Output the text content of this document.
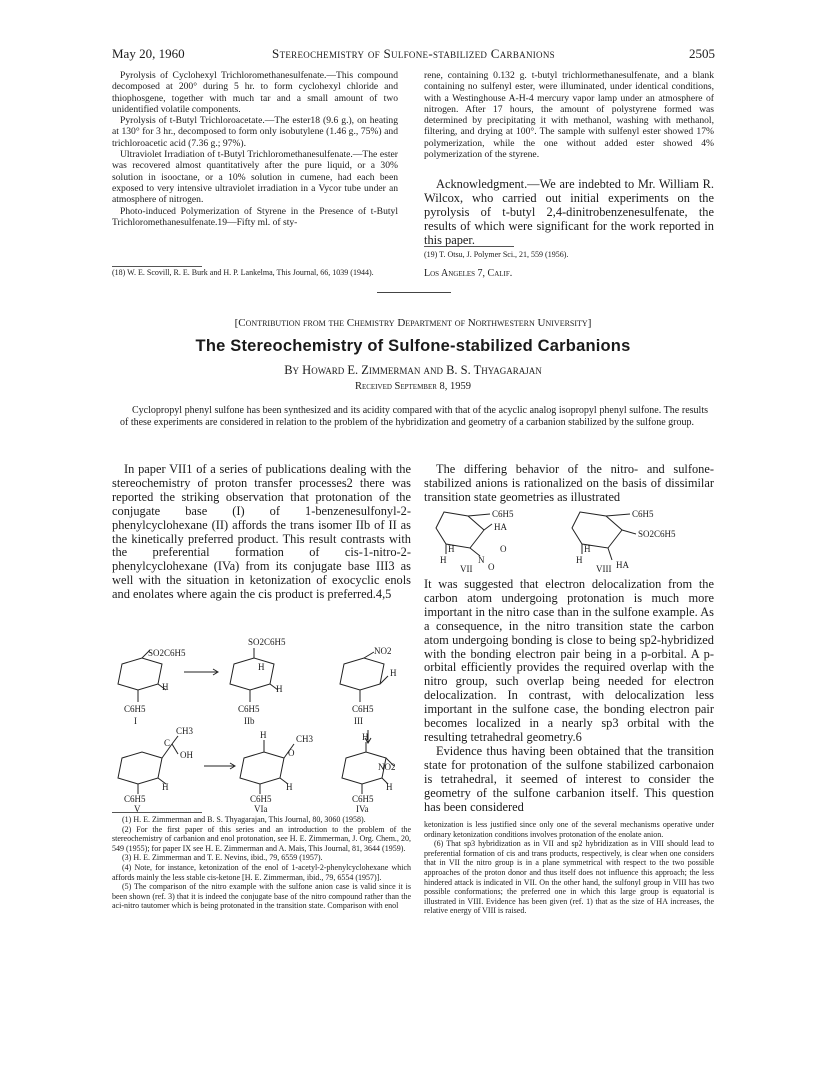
May 20, 1960	Stereochemistry of Sulfone-stabilized Carbanions	2505

Pyrolysis of Cyclohexyl Trichloromethanesulfenate.—This compound decomposed at 200° during 5 hr. to form cyclohexyl chloride and thiophosgene, together with much tar and a small amount of two unidentified volatile components.

Pyrolysis of t-Butyl Trichloroacetate.—The ester18 (9.6 g.), on heating at 130° for 3 hr., decomposed to form only isobutylene (1.46 g., 75%) and trichloroacetic acid (7.36 g.; 97%).

Ultraviolet Irradiation of t-Butyl Trichloromethanesulfenate.—The ester was recovered almost quantitatively after the pure liquid, or a 30% solution in isooctane, or a 10% solution in cumene, had each been exposed to very intensive ultraviolet irradiation in a Vycor tube under an atmosphere of nitrogen.

Photo-induced Polymerization of Styrene in the Presence of t-Butyl Trichloromethanesulfenate.19—Fifty ml. of sty-

(18) W. E. Scovill, R. E. Burk and H. P. Lankelma, This Journal, 66, 1039 (1944).

rene, containing 0.132 g. t-butyl trichlormethanesulfenate, and a blank containing no sulfenyl ester, were illuminated, under identical conditions, with a Westinghouse A-H-4 mercury vapor lamp under an atmosphere of nitrogen. After 17 hours, the amount of polystyrene formed was determined by precipitating it with methanol, washing with methanol, filtering, and drying at 100°. The sample with sulfenyl ester showed 17% polymerization, while the one without added ester showed 4% polymerization of the styrene.

Acknowledgment.—We are indebted to Mr. William R. Wilcox, who carried out initial experiments on the pyrolysis of t-butyl 2,4-dinitrobenzenesulfenate, the results of which were significant for the work reported in this paper.

(19) T. Otsu, J. Polymer Sci., 21, 559 (1956).
Los Angeles 7, Calif.
[Contribution from the Chemistry Department of Northwestern University]
The Stereochemistry of Sulfone-stabilized Carbanions
By Howard E. Zimmerman and B. S. Thyagarajan
Received September 8, 1959
Cyclopropyl phenyl sulfone has been synthesized and its acidity compared with that of the acyclic analog isopropyl phenyl sulfone. The results of these experiments are considered in relation to the problem of the hybridization and geometry of a carbanion stabilized by the sulfone group.

In paper VII1 of a series of publications dealing with the stereochemistry of proton transfer processes2 there was reported the striking observation that protonation of the conjugate base (I) of 1-benzenesulfonyl-2-phenylcyclohexane (II) affords the trans isomer IIb of II as the kinetically preferred product. This result contrasts with the preferential formation of cis-1-nitro-2-phenylcyclohexane (IVa) from its conjugate base III3 as well with the situation in ketonization of exocyclic enols and enolates where again the cis product is preferred.4,5

SO2C6H5
H
C6H5
I
SO2C6H5
H
H
C6H5
IIb
NO2
H
C6H5
III
CH3
C
OH
H
C6H5
V
H	CH3
O
H
C6H5
VIa
H
NO2
H
C6H5
IVa

(1) H. E. Zimmerman and B. S. Thyagarajan, This Journal, 80, 3060 (1958).

(2) For the first paper of this series and an introduction to the problem of the stereochemistry of carbanion and enol protonation, see H. E. Zimmerman, J. Org. Chem., 20, 549 (1955); for paper IX see H. E. Zimmerman and A. Mais, This Journal, 81, 3644 (1959).

(3) H. E. Zimmerman and T. E. Nevins, ibid., 79, 6559 (1957).

(4) Note, for instance, ketonization of the enol of 1-acetyl-2-phenylcyclohexane which affords mainly the less stable cis-ketone [H. E. Zimmerman, ibid., 79, 6554 (1957)].

(5) The comparison of the nitro example with the sulfone anion case is valid since it is been shown (ref. 3) that it is indeed the conjugate base of the nitro compound rather than the aci-nitro tautomer which is being protonated in the transition state. Comparison with enol

The differing behavior of the nitro- and sulfone-stabilized anions is rationalized on the basis of dissimilar transition state geometries as illustrated

C6H5
HA
H
H	N
O
O
VII
C6H5
SO2C6H5
H
H	HA
VIII

It was suggested that electron delocalization from the carbon atom undergoing protonation is much more important in the nitro case than in the sulfone example. As a consequence, in the nitro transition state the carbon atom undergoing bonding is close to being sp2-hybridized with the bonding electron pair being in a p-orbital. A p-orbital efficiently provides the required overlap with the nitro group, such overlap being needed for electron delocalization. In contrast, with delocalization less important in the sulfone case, the bonding electron pair becomes localized in a nearly sp3 orbital with the resulting tetrahedral geometry.6

Evidence thus having been obtained that the transition state for protonation of the sulfone stabilized carbonaion is tetrahedral, it seemed of interest to consider the geometry of the sulfone carbanion itself. This question has been considered

ketonization is less justified since only one of the several mechanisms operative under ordinary ketonization conditions involves protonation of the enolate anion.

(6) That sp3 hybridization as in VII and sp2 hybridization as in VIII should lead to preferential formation of cis and trans products, respectively, is clear when one considers that in VII the nitro group is in a plane symmetrical with respect to the two possible approaches of the proton donor and thus itself does not influence this approach; the less hindered attack is indicated in VII. On the other hand, the sulfonyl group in VIII has two possible conformations; the preferred one in which this large group is equatorial is illustrated in VIII. Evidence has been given (ref. 1) that as the size of HA increases, the relative energy of VIII is raised.
